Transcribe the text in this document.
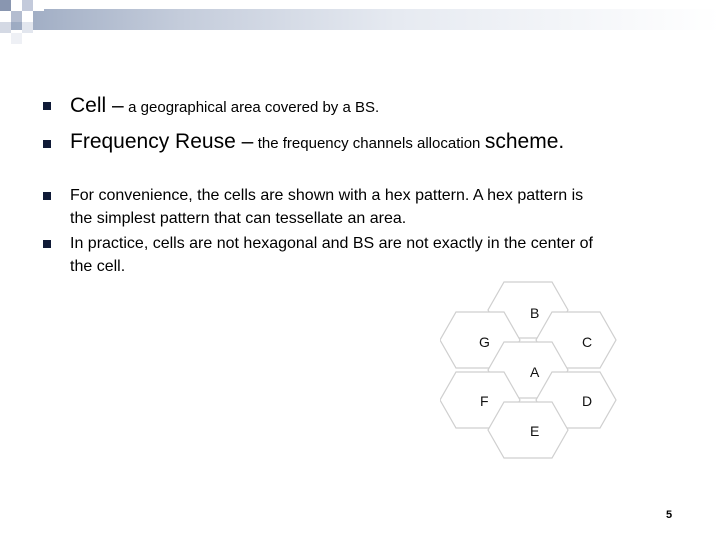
Cell – a geographical area covered by a BS.
Frequency Reuse – the frequency channels allocation scheme.
For convenience, the cells are shown with a hex pattern. A hex pattern is
the simplest pattern that can tessellate an area.
In practice, cells are not hexagonal and BS are not exactly in the center of
the cell.
B
G	C
A
F	D
E
5
